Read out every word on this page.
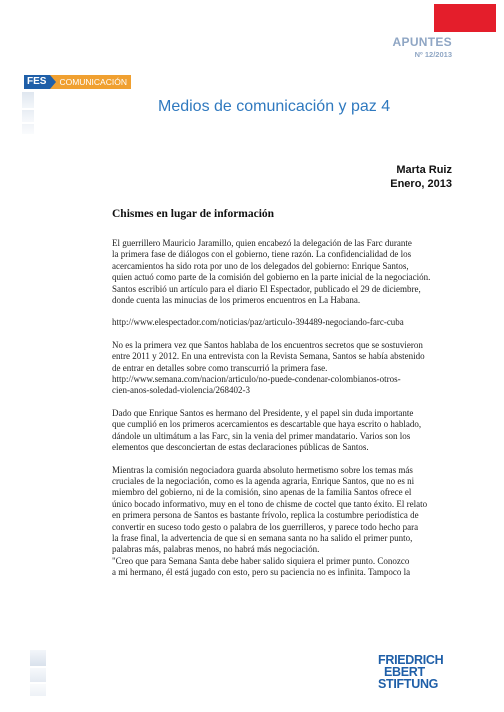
APUNTES
Nº 12/2013
FES	COMUNICACIÓN
Medios de comunicación y paz 4
Marta Ruiz
Enero, 2013
Chismes en lugar de información
El guerrillero Mauricio Jaramillo, quien encabezó la delegación de las Farc durante
la primera fase de diálogos con el gobierno, tiene razón. La confidencialidad de los
acercamientos ha sido rota por uno de los delegados del gobierno: Enrique Santos,
quien actuó como parte de la comisión del gobierno en la parte inicial de la negociación.
Santos escribió un artículo para el diario El Espectador, publicado el 29 de diciembre,
donde cuenta las minucias de los primeros encuentros en La Habana.
http://www.elespectador.com/noticias/paz/articulo-394489-negociando-farc-cuba
No es la primera vez que Santos hablaba de los encuentros secretos que se sostuvieron
entre 2011 y 2012. En una entrevista con la Revista Semana, Santos se había abstenido
de entrar en detalles sobre como transcurrió la primera fase.
http://www.semana.com/nacion/articulo/no-puede-condenar-colombianos-otros-
cien-anos-soledad-violencia/268402-3
Dado que Enrique Santos es hermano del Presidente, y el papel sin duda importante
que cumplió en los primeros acercamientos es descartable que haya escrito o hablado,
dándole un ultimátum a las Farc, sin la venia del primer mandatario. Varios son los
elementos que desconciertan de estas declaraciones públicas de Santos.
Mientras la comisión negociadora guarda absoluto hermetismo sobre los temas más
cruciales de la negociación, como es la agenda agraria, Enrique Santos, que no es ni
miembro del gobierno, ni de la comisión, sino apenas de la familia Santos ofrece el
único bocado informativo, muy en el tono de chisme de coctel que tanto éxito. El relato
en primera persona de Santos es bastante frívolo, replica la costumbre periodística de
convertir en suceso todo gesto o palabra de los guerrilleros, y parece todo hecho para
la frase final, la advertencia de que si en semana santa no ha salido el primer punto,
palabras más, palabras menos, no habrá más negociación.
"Creo que para Semana Santa debe haber salido siquiera el primer punto. Conozco
a mi hermano, él está jugado con esto, pero su paciencia no es infinita. Tampoco la
FRIEDRICH
EBERT
STIFTUNG
